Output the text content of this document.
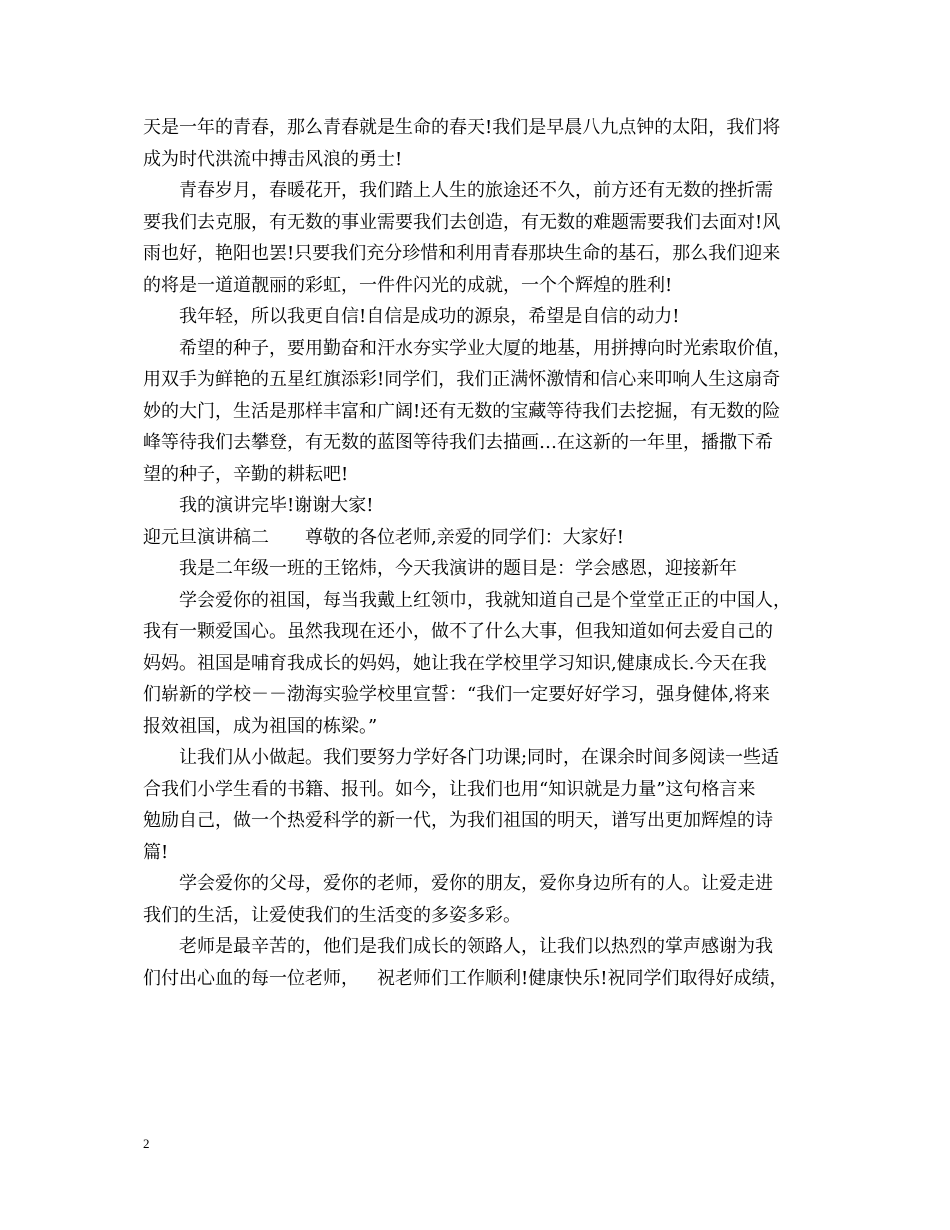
天是一年的青春，那么青春就是生命的春天!我们是早晨八九点钟的太阳，我们将
成为时代洪流中搏击风浪的勇士!
青春岁月，春暖花开，我们踏上人生的旅途还不久，前方还有无数的挫折需
要我们去克服，有无数的事业需要我们去创造，有无数的难题需要我们去面对!风
雨也好，艳阳也罢!只要我们充分珍惜和利用青春那块生命的基石，那么我们迎来
的将是一道道靓丽的彩虹，一件件闪光的成就，一个个辉煌的胜利!
我年轻，所以我更自信!自信是成功的源泉，希望是自信的动力!
希望的种子，要用勤奋和汗水夯实学业大厦的地基，用拼搏向时光索取价值，
用双手为鲜艳的五星红旗添彩!同学们，我们正满怀激情和信心来叩响人生这扇奇
妙的大门，生活是那样丰富和广阔!还有无数的宝藏等待我们去挖掘，有无数的险
峰等待我们去攀登，有无数的蓝图等待我们去描画…在这新的一年里，播撒下希
望的种子，辛勤的耕耘吧!
我的演讲完毕!谢谢大家!
迎元旦演讲稿二 尊敬的各位老师,亲爱的同学们：大家好!
我是二年级一班的王铭炜，今天我演讲的题目是：学会感恩，迎接新年
学会爱你的祖国，每当我戴上红领巾，我就知道自己是个堂堂正正的中国人，
我有一颗爱国心。虽然我现在还小，做不了什么大事，但我知道如何去爱自己的
妈妈。祖国是哺育我成长的妈妈，她让我在学校里学习知识,健康成长.今天在我
们崭新的学校－－渤海实验学校里宣誓：“我们一定要好好学习，强身健体,将来
报效祖国，成为祖国的栋梁。”
让我们从小做起。我们要努力学好各门功课;同时，在课余时间多阅读一些适
合我们小学生看的书籍、报刊。如今，让我们也用“知识就是力量”这句格言来
勉励自己，做一个热爱科学的新一代，为我们祖国的明天，谱写出更加辉煌的诗
篇!
学会爱你的父母，爱你的老师，爱你的朋友，爱你身边所有的人。让爱走进
我们的生活，让爱使我们的生活变的多姿多彩。
老师是最辛苦的，他们是我们成长的领路人，让我们以热烈的掌声感谢为我
们付出心血的每一位老师， 祝老师们工作顺利!健康快乐!祝同学们取得好成绩，
2
